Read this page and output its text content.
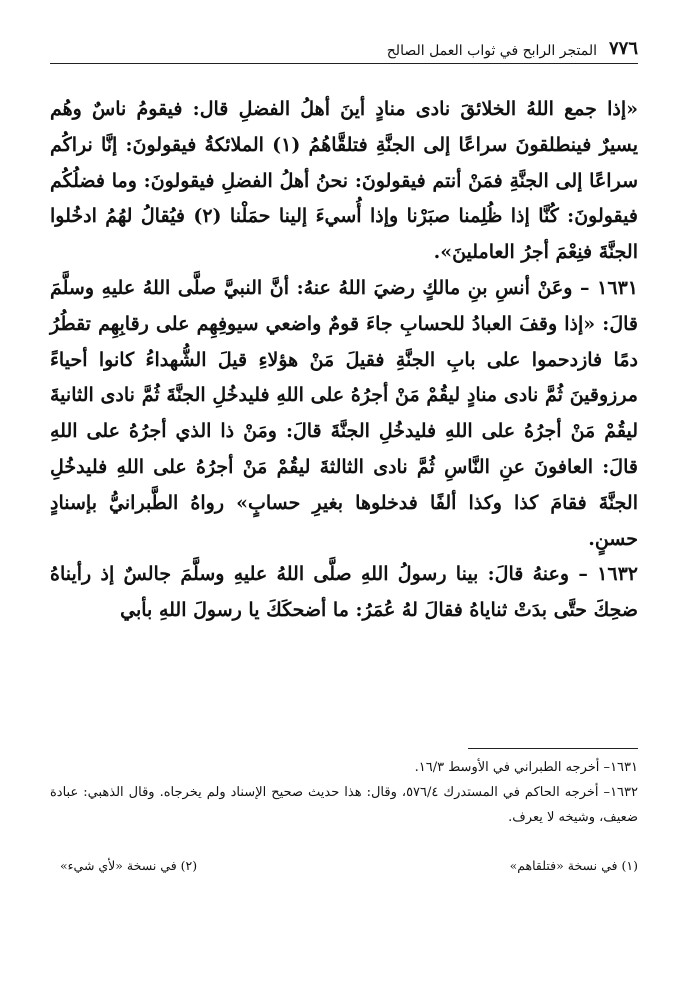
٧٧٦
المتجر الرابح في ثواب العمل الصالح

«إذا جمع اللهُ الخلائقَ نادى منادٍ أينَ أهلُ الفضلِ قال: فيقومُ ناسٌ وهُم يسيرٌ فينطلقونَ سراعًا إلى الجنَّةِ فتلقَّاهُمُ (١) الملائكةُ فيقولونَ: إنَّا نراكُم سراعًا إلى الجنَّةِ فمَنْ أنتم فيقولونَ: نحنُ أهلُ الفضلِ فيقولونَ: وما فضلُكُم فيقولونَ: كُنَّا إذا ظُلِمنا صبَرْنا وإذا أُسيءَ إلينا حمَلْنا (٢) فيُقالُ لهُمُ ادخُلوا الجنَّةَ فنِعْمَ أجرُ العاملينَ».

١٦٣١ – وعَنْ أنسِ بنِ مالكٍ رضيَ اللهُ عنهُ: أنَّ النبيَّ صلَّى اللهُ عليهِ وسلَّمَ قالَ: «إذا وقفَ العبادُ للحسابِ جاءَ قومٌ واضعي سيوفِهِم على رقابِهِم تقطُرُ دمًا فازدحموا على بابِ الجنَّةِ فقيلَ مَنْ هؤلاءِ قيلَ الشُّهداءُ كانوا أحياءً مرزوقينَ ثُمَّ نادى منادٍ ليقُمْ مَنْ أجرُهُ على اللهِ فليدخُلِ الجنَّةَ ثُمَّ نادى الثانيةَ ليقُمْ مَنْ أجرُهُ على اللهِ فليدخُلِ الجنَّةَ قالَ: ومَنْ ذا الذي أجرُهُ على اللهِ قالَ: العافونَ عنِ النَّاسِ ثُمَّ نادى الثالثةَ ليقُمْ مَنْ أجرُهُ على اللهِ فليدخُلِ الجنَّةَ فقامَ كذا وكذا ألفًا فدخلوها بغيرِ حسابٍ» رواهُ الطَّبرانيُّ بإسنادٍ حسنٍ.

١٦٣٢ – وعنهُ قالَ: بينا رسولُ اللهِ صلَّى اللهُ عليهِ وسلَّمَ جالسٌ إذ رأيناهُ ضحِكَ حتَّى بدَتْ ثناياهُ فقالَ لهُ عُمَرُ: ما أضحكَكَ يا رسولَ اللهِ بأبي

١٦٣١– أخرجه الطبراني في الأوسط ١٦/٣.

١٦٣٢– أخرجه الحاكم في المستدرك ٥٧٦/٤، وقال: هذا حديث صحيح الإسناد ولم يخرجاه. وقال الذهبي: عبادة ضعيف، وشيخه لا يعرف.

(١) في نسخة «فتلقاهم»
(٢) في نسخة «لأي شيء»
